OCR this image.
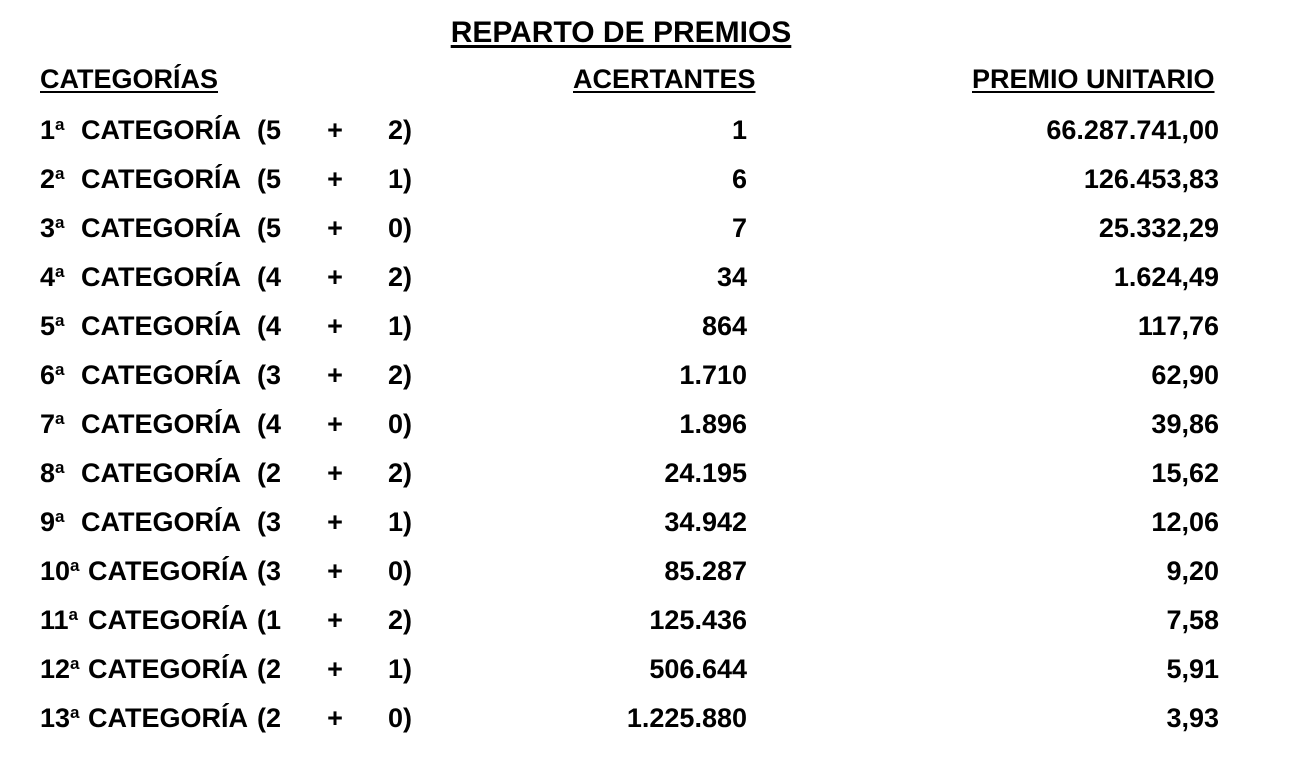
REPARTO DE PREMIOS
CATEGORÍAS	ACERTANTES	PREMIO UNITARIO
1$^a$ CATEGORÍA (5 +	2)	1	66.287.741,00
2$^a$ CATEGORÍA (5 +	1)	6	126.453,83
3$^a$ CATEGORÍA (5 +	0)	7	25.332,29
4$^a$ CATEGORÍA (4 +	2)	34	1.624,49
5$^a$ CATEGORÍA (4 +	1)	864	117,76
6$^a$ CATEGORÍA (3 +	2)	1.710	62,90
7$^a$ CATEGORÍA (4 +	0)	1.896	39,86
8$^a$ CATEGORÍA (2 +	2)	24.195	15,62
9$^a$ CATEGORÍA (3 +	1)	34.942	12,06
10$^a$ CATEGORÍA (3 +	0)	85.287	9,20
11$^a$ CATEGORÍA (1 +	2)	125.436	7,58
12$^a$ CATEGORÍA (2 +	1)	506.644	5,91
13$^a$ CATEGORÍA (2 +	0)	1.225.880	3,93
